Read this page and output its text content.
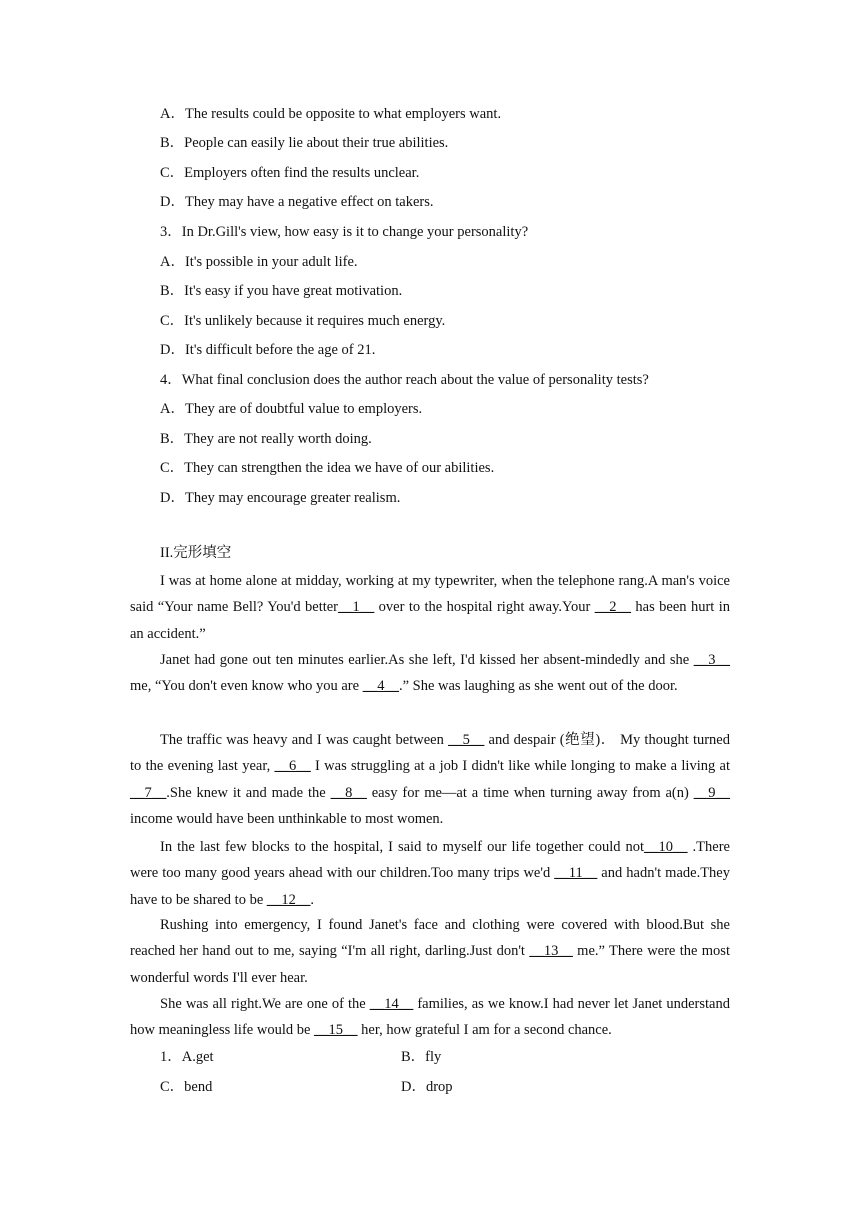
A．The results could be opposite to what employers want.
B．People can easily lie about their true abilities.
C．Employers often find the results unclear.
D．They may have a negative effect on takers.
3．In Dr.Gill's view, how easy is it to change your personality?
A．It's possible in your adult life.
B．It's easy if you have great motivation.
C．It's unlikely because it requires much energy.
D．It's difficult before the age of 21.
4．What final conclusion does the author reach about the value of personality tests?
A．They are of doubtful value to employers.
B．They are not really worth doing.
C．They can strengthen the idea we have of our abilities.
D．They may encourage greater realism.
II.完形填空
I was at home alone at midday, working at my typewriter, when the telephone rang.A man's voice said “Your name Bell? You'd better__1__ over to the hospital right away.Your __2__ has been hurt in an accident.”
Janet had gone out ten minutes earlier.As she left, I'd kissed her absent-mindedly and she __3__ me, “You don't even know who you are __4__.” She was laughing as she went out of the door.
The traffic was heavy and I was caught between __5__ and despair (绝望)． My thought turned to the evening last year, __6__ I was struggling at a job I didn't like while longing to make a living at __7__.She knew it and made the __8__ easy for me—at a time when turning away from a(n) __9__ income would have been unthinkable to most women.
In the last few blocks to the hospital, I said to myself our life together could not__10__ .There were too many good years ahead with our children.Too many trips we'd __11__ and hadn't made.They have to be shared to be __12__.
Rushing into emergency, I found Janet's face and clothing were covered with blood.But she reached her hand out to me, saying “I'm all right, darling.Just don't __13__ me.” There were the most wonderful words I'll ever hear.
She was all right.We are one of the __14__ families, as we know.I had never let Janet understand how meaningless life would be __15__ her, how grateful I am for a second chance.
1．A.get	B．fly
C．bend	D．drop
